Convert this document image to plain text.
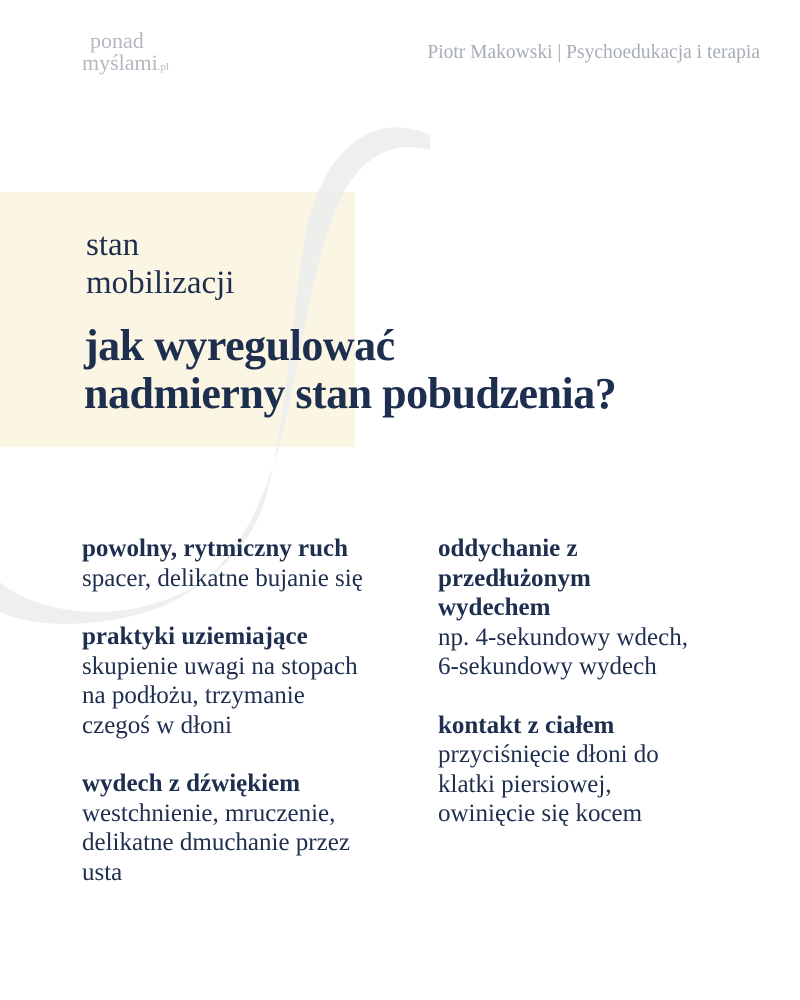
ponad
myślami.pl
Piotr Makowski | Psychoedukacja i terapia
stan
mobilizacji
jak wyregulować
nadmierny stan pobudzenia?
powolny, rytmiczny ruch
spacer, delikatne bujanie się
praktyki uziemiające
skupienie uwagi na stopach
na podłożu, trzymanie
czegoś w dłoni
wydech z dźwiękiem
westchnienie, mruczenie,
delikatne dmuchanie przez
usta
oddychanie z
przedłużonym
wydechem
np. 4-sekundowy wdech,
6-sekundowy wydech
kontakt z ciałem
przyciśnięcie dłoni do
klatki piersiowej,
owinięcie się kocem
